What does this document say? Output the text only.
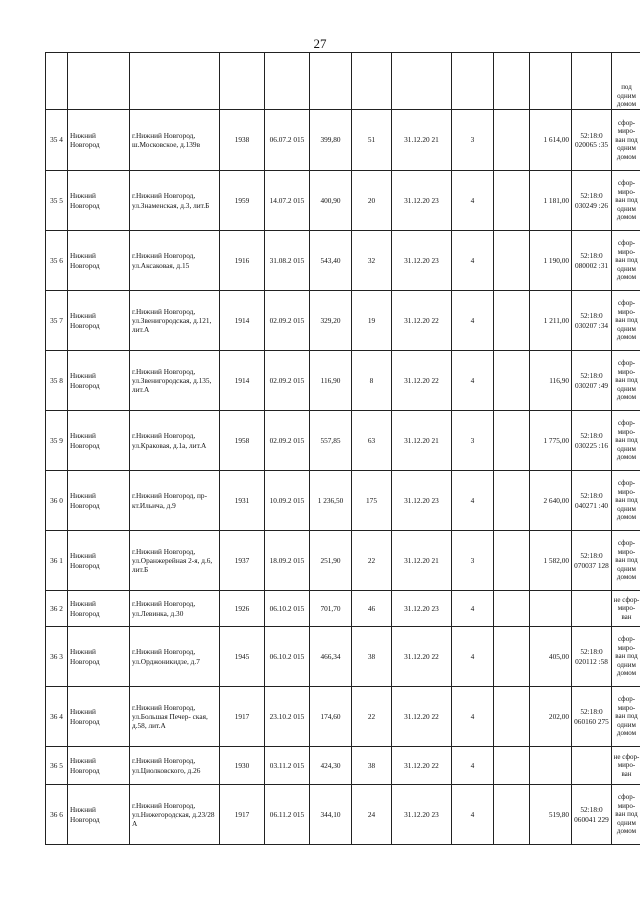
27
												под одним домом
35 4	Нижний Новгород	г.Нижний Новгород, ш.Московское, д.139в	1938	06.07.2 015	399,80	51	31.12.20 21	3		1 614,00	52:18:0 020065 :35	сфор- миро- ван под одним домом
35 5	Нижний Новгород	г.Нижний Новгород, ул.Знаменская, д.3, лит.Б	1959	14.07.2 015	400,90	20	31.12.20 23	4		1 181,00	52:18:0 030249 :26	сфор- миро- ван под одним домом
35 6	Нижний Новгород	г.Нижний Новгород, ул.Аксаковая, д.15	1916	31.08.2 015	543,40	32	31.12.20 23	4		1 190,00	52:18:0 080002 :31	сфор- миро- ван под одним домом
35 7	Нижний Новгород	г.Нижний Новгород, ул.Звенигородская, д.121, лит.А	1914	02.09.2 015	329,20	19	31.12.20 22	4		1 211,00	52:18:0 030207 :34	сфор- миро- ван под одним домом
35 8	Нижний Новгород	г.Нижний Новгород, ул.Звенигородская, д.135, лит.А	1914	02.09.2 015	116,90	8	31.12.20 22	4		116,90	52:18:0 030207 :49	сфор- миро- ван под одним домом
35 9	Нижний Новгород	г.Нижний Новгород, ул.Краковая, д.1а, лит.А	1958	02.09.2 015	557,85	63	31.12.20 21	3		1 775,00	52:18:0 030225 :16	сфор- миро- ван под одним домом
36 0	Нижний Новгород	г.Нижний Новгород, пр-кт.Ильича, д.9	1931	10.09.2 015	1 236,50	175	31.12.20 23	4		2 640,00	52:18:0 040271 :40	сфор- миро- ван под одним домом
36 1	Нижний Новгород	г.Нижний Новгород, ул.Оранжерейная 2-я, д.6, лит.Б	1937	18.09.2 015	251,90	22	31.12.20 21	3		1 582,00	52:18:0 070037 128	сфор- миро- ван под одним домом
36 2	Нижний Новгород	г.Нижний Новгород, ул.Левинка, д.30	1926	06.10.2 015	701,70	46	31.12.20 23	4				не сфор- миро- ван
36 3	Нижний Новгород	г.Нижний Новгород, ул.Орджоникидзе, д.7	1945	06.10.2 015	466,34	38	31.12.20 22	4		405,00	52:18:0 020112 :58	сфор- миро- ван под одним домом
36 4	Нижний Новгород	г.Нижний Новгород, ул.Большая Печер- ская, д.58, лит.А	1917	23.10.2 015	174,60	22	31.12.20 22	4		202,00	52:18:0 060160 275	сфор- миро- ван под одним домом
36 5	Нижний Новгород	г.Нижний Новгород, ул.Циолковского, д.26	1930	03.11.2 015	424,30	38	31.12.20 22	4				не сфор- миро- ван
36 6	Нижний Новгород	г.Нижний Новгород, ул.Нижегородская, д.23/28 А	1917	06.11.2 015	344,10	24	31.12.20 23	4		519,80	52:18:0 060041 229	сфор- миро- ван под одним домом
